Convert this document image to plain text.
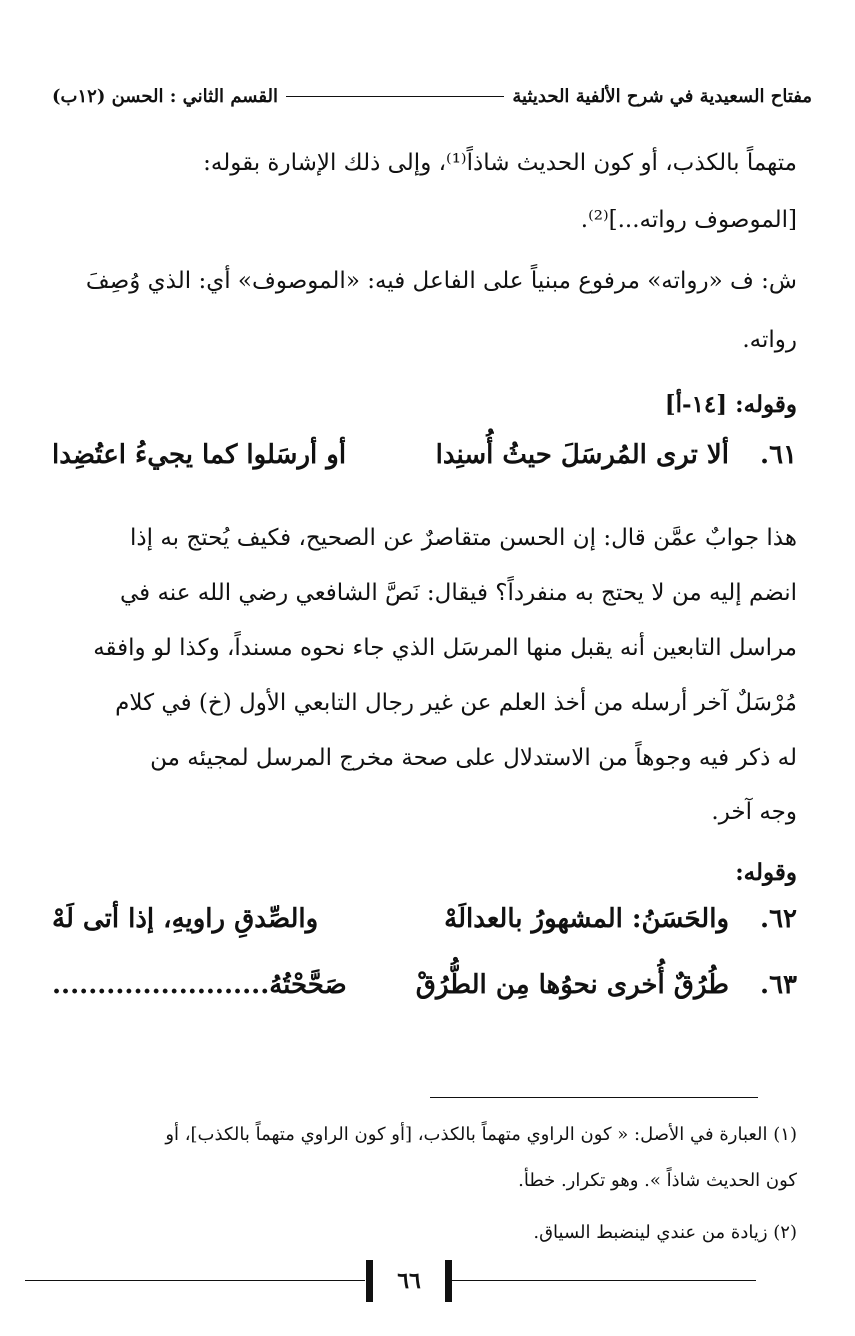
مفتاح السعيدية في شرح الألفية الحديثية
القسم الثاني : الحسن (١٢ب)
متهماً بالكذب، أو كون الحديث شاذاً⁽¹⁾، وإلى ذلك الإشارة بقوله:
[الموصوف رواته...]⁽²⁾.
ش: ف «رواته» مرفوع مبنياً على الفاعل فيه: «الموصوف» أي: الذي وُصِفَ
رواته.
وقوله: [١٤-أ]
٦١.
ألا ترى المُرسَلَ حيثُ أُسنِدا
أو أرسَلوا كما يجيءُ اعتُضِدا
هذا جوابٌ عمَّن قال: إن الحسن متقاصرٌ عن الصحيح، فكيف يُحتج به إذا
انضم إليه من لا يحتج به منفرداً؟ فيقال: نَصَّ الشافعي رضي الله عنه في
مراسل التابعين أنه يقبل منها المرسَل الذي جاء نحوه مسنداً، وكذا لو وافقه
مُرْسَلٌ آخر أرسله من أخذ العلم عن غير رجال التابعي الأول (خ) في كلام
له ذكر فيه وجوهاً من الاستدلال على صحة مخرج المرسل لمجيئه من
وجه آخر.
وقوله:
٦٢.
والحَسَنُ: المشهورُ بالعدالَهْ
والصِّدقِ راويهِ، إذا أتى لَهْ
٦٣.
طُرُقٌ أُخرى نحوُها مِن الطُّرُقْ
صَحَّحْتُهُ........................
(١) العبارة في الأصل: « كون الراوي متهماً بالكذب، [أو كون الراوي متهماً بالكذب]، أو
كون الحديث شاذاً ». وهو تكرار. خطأ.
(٢) زيادة من عندي لينضبط السياق.
٦٦
